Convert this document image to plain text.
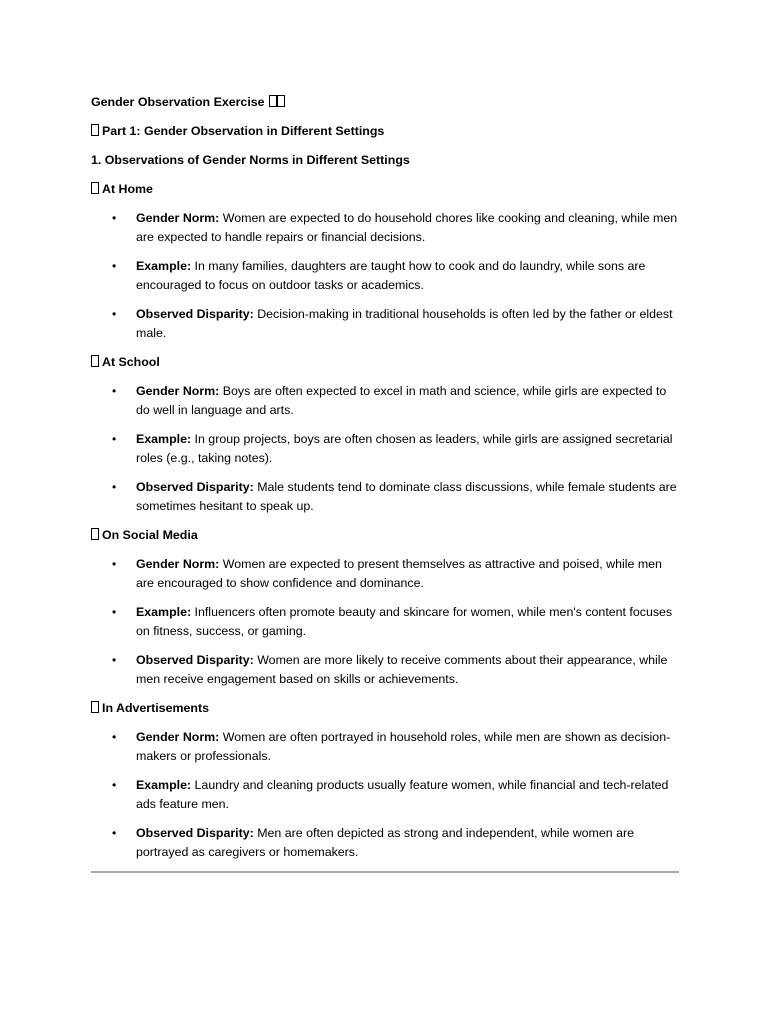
Gender Observation Exercise
Part 1: Gender Observation in Different Settings
1. Observations of Gender Norms in Different Settings
At Home
• Gender Norm: Women are expected to do household chores like cooking and cleaning, while men are expected to handle repairs or financial decisions.
• Example: In many families, daughters are taught how to cook and do laundry, while sons are encouraged to focus on outdoor tasks or academics.
• Observed Disparity: Decision-making in traditional households is often led by the father or eldest male.
At School
• Gender Norm: Boys are often expected to excel in math and science, while girls are expected to do well in language and arts.
• Example: In group projects, boys are often chosen as leaders, while girls are assigned secretarial roles (e.g., taking notes).
• Observed Disparity: Male students tend to dominate class discussions, while female students are sometimes hesitant to speak up.
On Social Media
• Gender Norm: Women are expected to present themselves as attractive and poised, while men are encouraged to show confidence and dominance.
• Example: Influencers often promote beauty and skincare for women, while men's content focuses on fitness, success, or gaming.
• Observed Disparity: Women are more likely to receive comments about their appearance, while men receive engagement based on skills or achievements.
In Advertisements
• Gender Norm: Women are often portrayed in household roles, while men are shown as decision-makers or professionals.
• Example: Laundry and cleaning products usually feature women, while financial and tech-related ads feature men.
• Observed Disparity: Men are often depicted as strong and independent, while women are portrayed as caregivers or homemakers.
